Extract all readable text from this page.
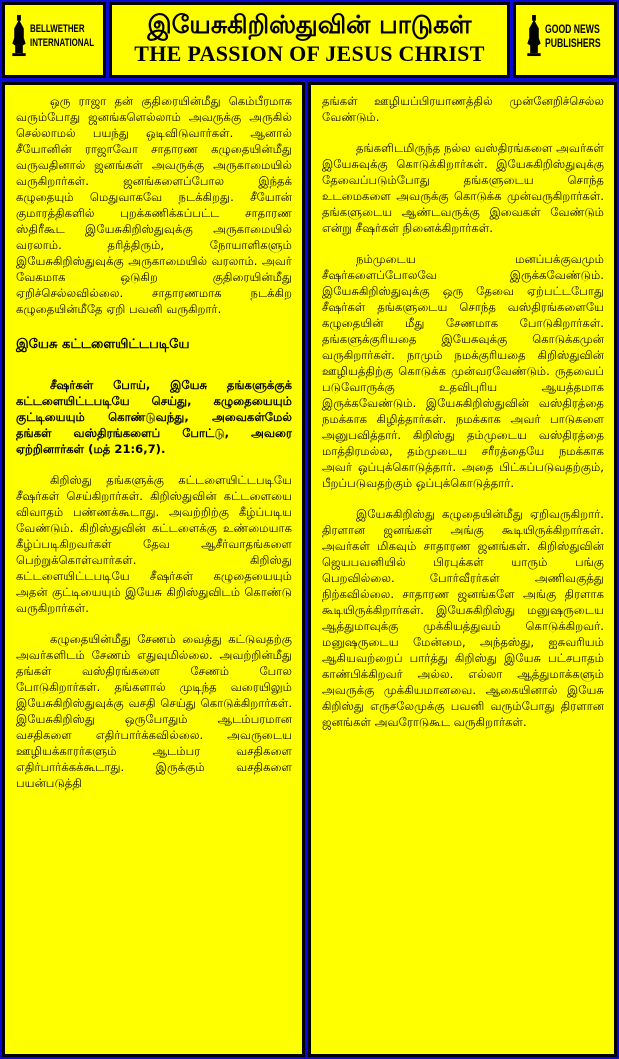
BELLWETHER
INTERNATIONAL
இயேசுகிறிஸ்துவின் பாடுகள்
THE PASSION OF JESUS CHRIST
GOOD NEWS
PUBLISHERS

ஒரு ராஜா தன் குதிரையின்மீது கெம்பீரமாக வரும்போது ஜனங்களெல்லாம் அவருக்கு அருகில் செல்லாமல் பயந்து ஒடிவிடுவார்கள். ஆனால் சீயோனின் ராஜாவோ சாதாரண கழுதையின்மீது வருவதினால் ஜனங்கள் அவருக்கு அருகாமையில் வருகிறார்கள். ஜனங்களைப்போல இந்தக் கழுதையும் மெதுவாகவே நடக்கிறது. சீயோன் குமாரத்திகளில் புறக்கணிக்கப்பட்ட சாதாரண ஸ்திரீகூட இயேசுகிறிஸ்துவுக்கு அருகாமையில் வரலாம். தரித்திரும், நோயாளிகளும் இயேசுகிறிஸ்துவுக்கு அருகாமையில் வரலாம். அவர் வேகமாக ஒடுகிற குதிரையின்மீது ஏறிச்செல்லவில்லை. சாதாரணமாக நடக்கிற கழுதையின்மீதே ஏறி பவனி வருகிறார்.

இயேசு கட்டளையிட்டபடியே

சீஷர்கள் போய், இயேசு தங்களுக்குக் கட்டளையிட்டபடியே செய்து, கழுதையையும் குட்டியையும் கொண்டுவந்து, அவைகள்மேல் தங்கள் வஸ்திரங்களைப் போட்டு, அவரை ஏற்றினார்கள் (மத் 21:6,7).

கிறிஸ்து தங்களுக்கு கட்டளையிட்டபடியே சீஷர்கள் செய்கிறார்கள். கிறிஸ்துவின் கட்டளையை விவாதம் பண்ணக்கூடாது. அவற்றிற்கு கீழ்ப்படிய வேண்டும். கிறிஸ்துவின் கட்டளைக்கு உண்மையாக கீழ்ப்படிகிறவர்கள் தேவ ஆசீர்வாதங்களை பெற்றுக்கொள்வார்கள். கிறிஸ்து கட்டளையிட்டபடியே சீஷர்கள் கழுதையையும் அதன் குட்டியையும் இயேசு கிறிஸ்துவிடம் கொண்டு வருகிறார்கள்.

கழுதையின்மீது சேணம் வைத்து கட்டுவதற்கு அவர்களிடம் சேணம் எதுவுமில்லை. அவற்றின்மீது தங்கள் வஸ்திரங்களை சேணம் போல போடுகிறார்கள். தங்களால் முடிந்த வரையிலும் இயேசுகிறிஸ்துவுக்கு வசதி செய்து கொடுக்கிறார்கள். இயேசுகிறிஸ்து ஒருபோதும் ஆடம்பரமான வசதிகளை எதிர்பார்க்கவில்லை. அவருடைய ஊழியக்காரர்களும் ஆடம்பர வசதிகளை எதிர்பார்க்கக்கூடாது. இருக்கும் வசதிகளை பயன்படுத்தி

தங்கள் ஊழியப்பிரயாணத்தில் முன்னேறிச்செல்ல வேண்டும்.

தங்களிடமிருந்த நல்ல வஸ்திரங்களை அவர்கள் இயேசுவுக்கு கொடுக்கிறார்கள். இயேசுகிறிஸ்துவுக்கு தேவைப்படும்போது தங்களுடைய சொந்த உடமைகளை அவருக்கு கொடுக்க முன்வருகிறார்கள். தங்களுடைய ஆண்டவருக்கு இவைகள் வேண்டும் என்று சீஷர்கள் நினைக்கிறார்கள்.

நம்முடைய மனப்பக்குவமும் சீஷர்களைப்போலவே இருக்கவேண்டும். இயேசுகிறிஸ்துவுக்கு ஒரு தேவை ஏற்பட்டபோது சீஷர்கள் தங்களுடைய சொந்த வஸ்திரங்களையே கழுதையின் மீது சேணமாக போடுகிறார்கள். தங்களுக்குரியதை இயேசுவுக்கு கொடுக்கமுன் வருகிறார்கள். நாமும் நமக்குரியதை கிறிஸ்துவின் ஊழியத்திற்கு கொடுக்க முன்வரவேண்டும். ருதவைப் படுவோருக்கு உதவிபுரிய ஆயத்தமாக இருக்கவேண்டும். இயேசுகிறிஸ்துவின் வஸ்திரத்தை நமக்காக கிழித்தார்கள். நமக்காக அவர் பாடுகளை அனுபவித்தார். கிறிஸ்து தம்முடைய வஸ்திரத்தை மாத்திரமல்ல, தம்முடைய சரீரத்தையே நமக்காக அவர் ஒப்புக்கொடுத்தார். அதை பிட்கப்படுவதற்கும், பீறப்படுவதற்கும் ஒப்புக்கொடுத்தார்.

இயேசுகிறிஸ்து கழுதையின்மீது ஏறிவருகிறார். திரளான ஜனங்கள் அங்கு கூடியிருக்கிறார்கள். அவர்கள் மிகவும் சாதாரண ஜனங்கள். கிறிஸ்துவின் ஜெயபவனியில் பிரபுக்கள் யாரும் பங்கு பெறவில்லை. போர்வீரர்கள் அணிவகுத்து நிற்கவில்லை. சாதாரண ஜனங்களே அங்கு திரளாக கூடியிருக்கிறார்கள். இயேசுகிறிஸ்து மனுஷருடைய ஆத்துமாவுக்கு முக்கியத்துவம் கொடுக்கிறவர். மனுஷருடைய மேன்மை, அந்தஸ்து, ஐசுவரியம் ஆகியவற்றைப் பார்த்து கிறிஸ்து இயேசு பட்சபாதம் காண்பிக்கிறவர் அல்ல. எல்லா ஆத்துமாக்களும் அவருக்கு முக்கியமானவை. ஆகையினால் இயேசு கிறிஸ்து எருசலேமுக்கு பவனி வரும்போது திரளான ஜனங்கள் அவரோடுகூட வருகிறார்கள்.
